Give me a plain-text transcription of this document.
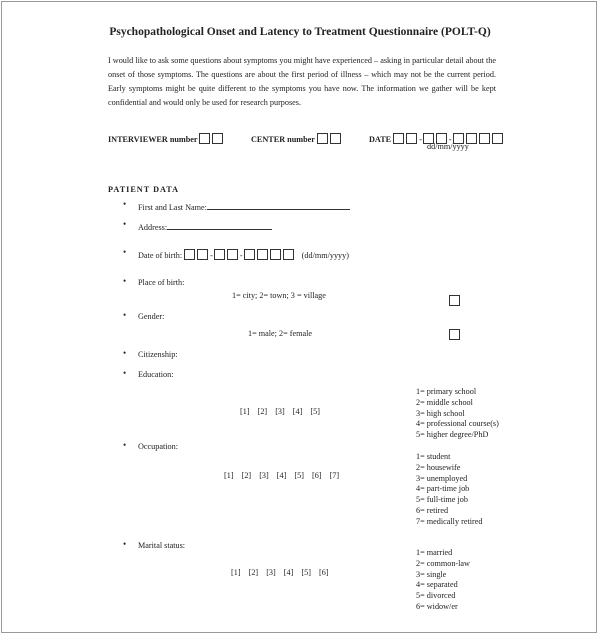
Psychopathological Onset and Latency to Treatment Questionnaire (POLT-Q)
I would like to ask some questions about symptoms you might have experienced – asking in particular detail about the onset of those symptoms. The questions are about the first period of illness – which may not be the current period. Early symptoms might be quite different to the symptoms you have now. The information we gather will be kept confidential and would only be used for research purposes.
INTERVIEWER number	CENTER number	DATE	-	-
dd/mm/yyyy
PATIENT DATA
• First and Last Name:
• Address:
• Date of birth:	-	-	(dd/mm/yyyy)
• Place of birth:
1= city; 2= town; 3 = village
• Gender:
1= male; 2= female
• Citizenship:
• Education:
[1] [2] [3] [4] [5]
1= primary school
2= middle school
3= high school
4= professional course(s)
5= higher degree/PhD
• Occupation:
[1] [2] [3] [4] [5] [6] [7]
1= student
2= housewife
3= unemployed
4= part-time job
5= full-time job
6= retired
7= medically retired
• Marital status:
[1] [2] [3] [4] [5] [6]
1= married
2= common-law
3= single
4= separated
5= divorced
6= widow/er
